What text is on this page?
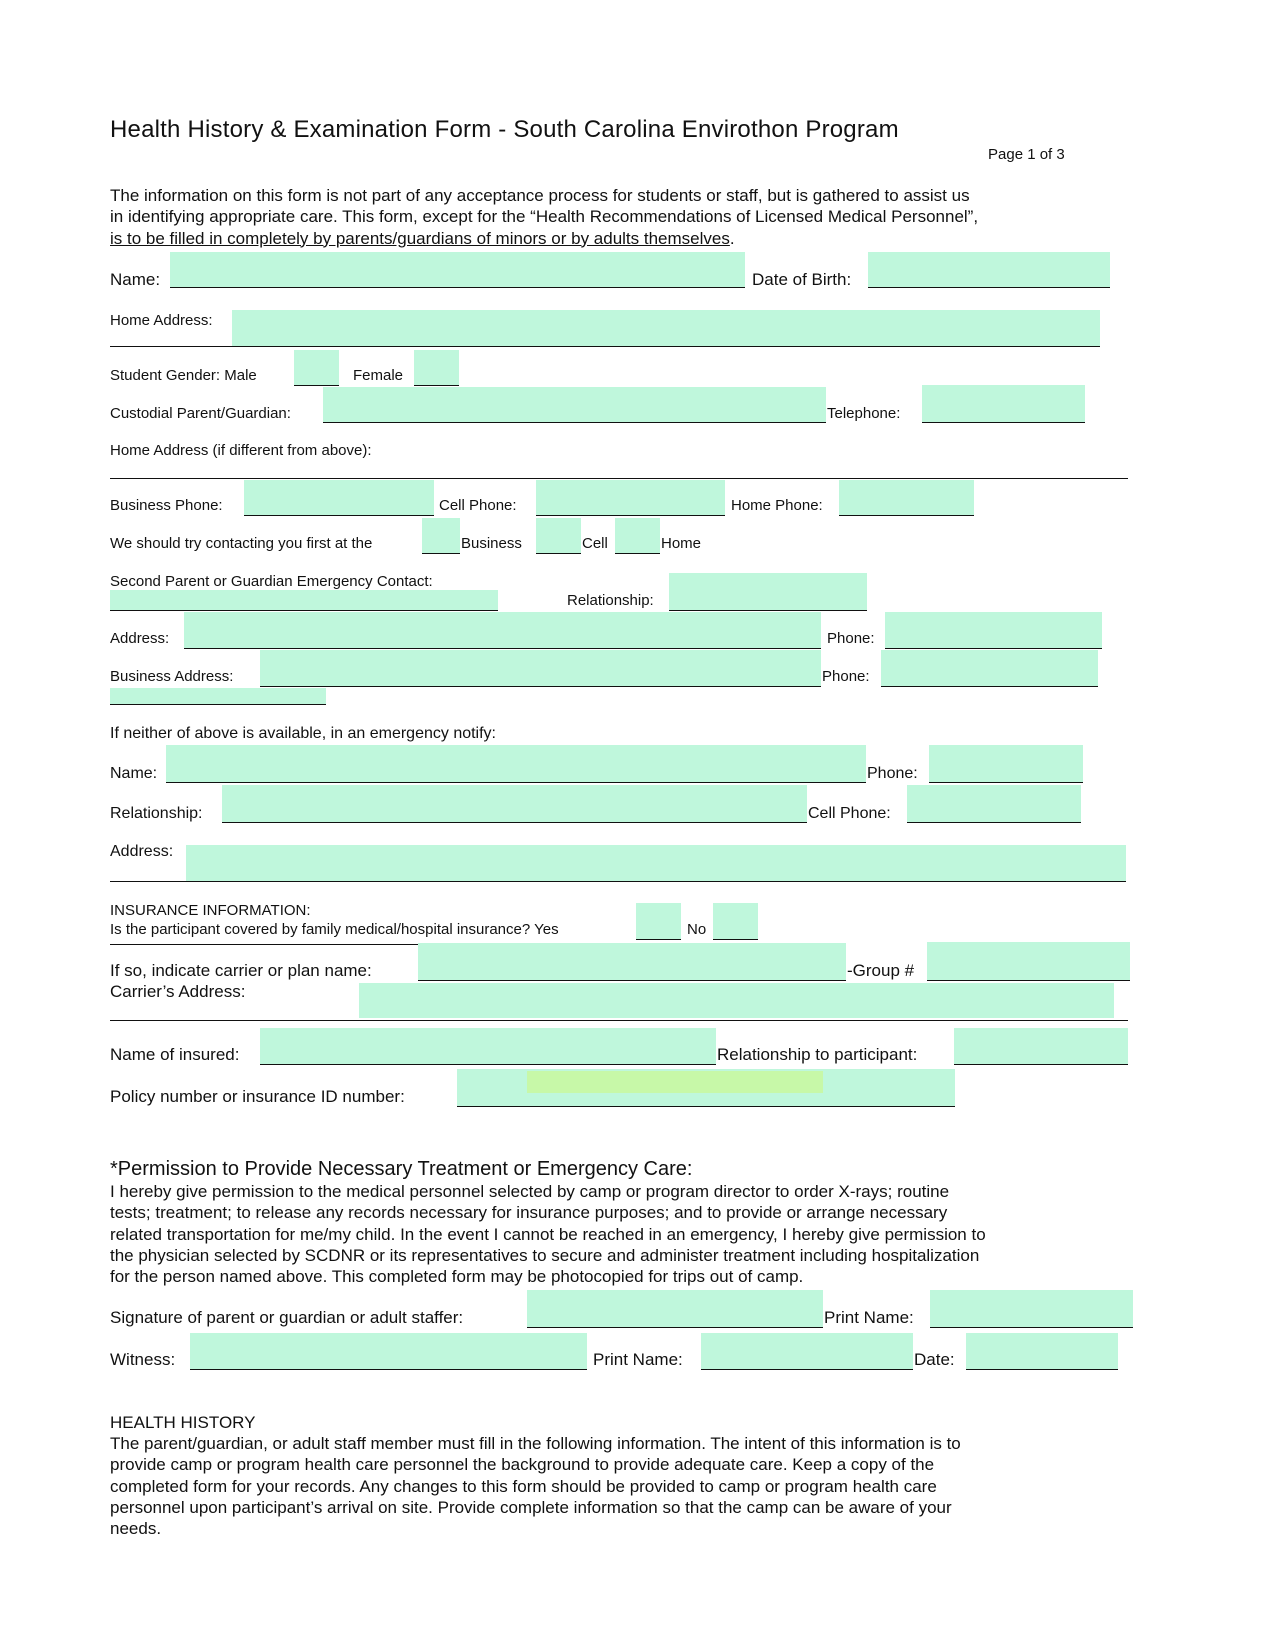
Health History & Examination Form - South Carolina Envirothon Program
Page 1 of 3
The information on this form is not part of any acceptance process for students or staff, but is gathered to assist us
in identifying appropriate care. This form, except for the “Health Recommendations of Licensed Medical Personnel”,
is to be filled in completely by parents/guardians of minors or by adults themselves.
Name:	Date of Birth:
Home Address:
Student Gender: Male	Female
Custodial Parent/Guardian:	Telephone:
Home Address (if different from above):
Business Phone:	Cell Phone:	Home Phone:
We should try contacting you first at the	Business	Cell	Home
Second Parent or Guardian Emergency Contact:
Relationship:
Address:	Phone:
Business Address:	Phone:
If neither of above is available, in an emergency notify:
Name:	Phone:
Relationship:	Cell Phone:
Address:
INSURANCE INFORMATION:
Is the participant covered by family medical/hospital insurance? Yes	No
If so, indicate carrier or plan name:	-Group #
Carrier’s Address:
Name of insured:	Relationship to participant:
Policy number or insurance ID number:
*Permission to Provide Necessary Treatment or Emergency Care:
I hereby give permission to the medical personnel selected by camp or program director to order X-rays; routine
tests; treatment; to release any records necessary for insurance purposes; and to provide or arrange necessary
related transportation for me/my child. In the event I cannot be reached in an emergency, I hereby give permission to
the physician selected by SCDNR or its representatives to secure and administer treatment including hospitalization
for the person named above. This completed form may be photocopied for trips out of camp.
Signature of parent or guardian or adult staffer:	Print Name:
Witness:	Print Name:	Date:
HEALTH HISTORY
The parent/guardian, or adult staff member must fill in the following information. The intent of this information is to
provide camp or program health care personnel the background to provide adequate care. Keep a copy of the
completed form for your records. Any changes to this form should be provided to camp or program health care
personnel upon participant’s arrival on site. Provide complete information so that the camp can be aware of your
needs.
